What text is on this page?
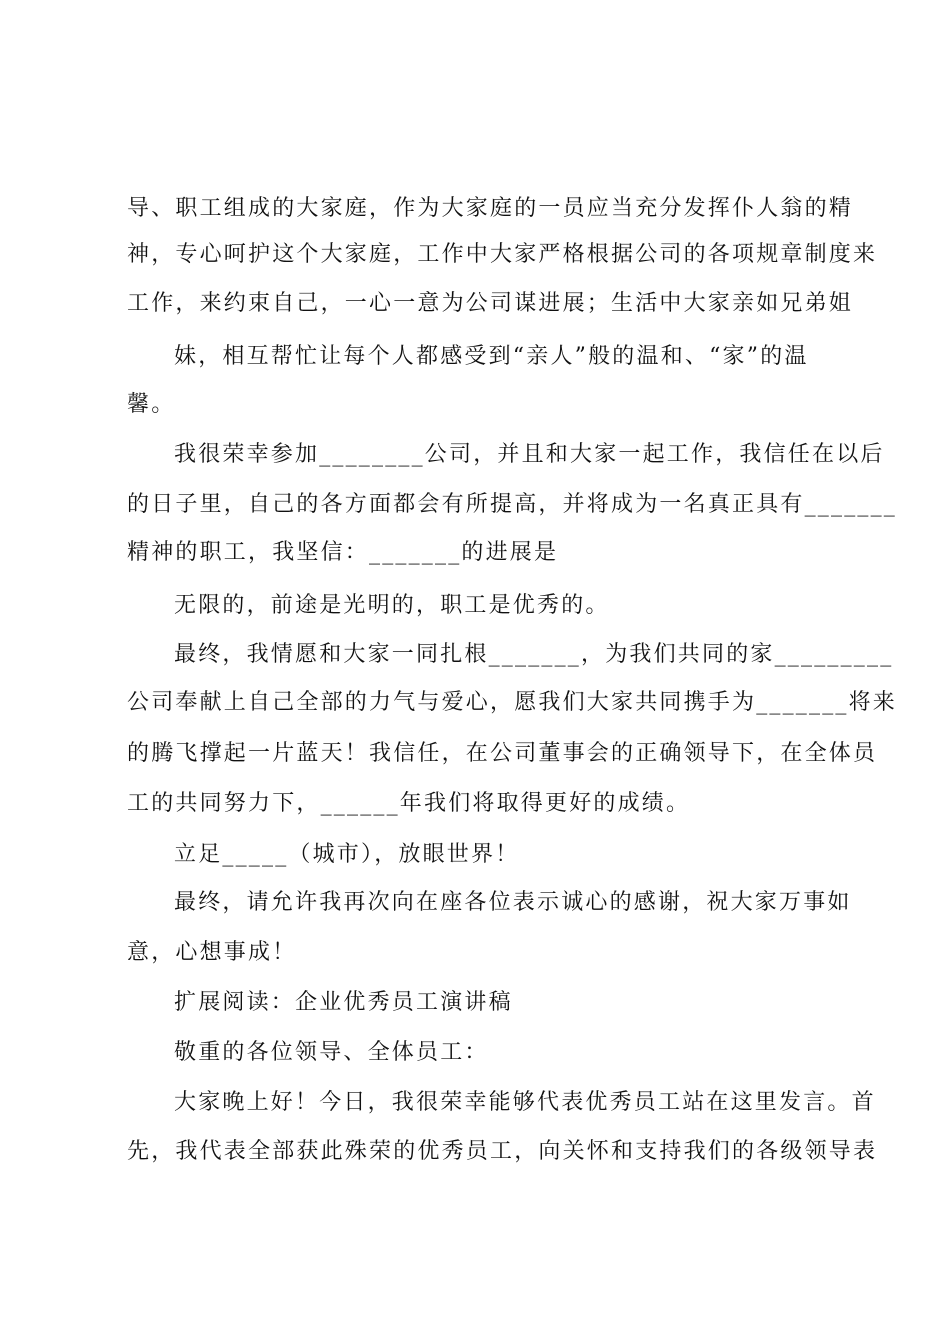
导、职工组成的大家庭，作为大家庭的一员应当充分发挥仆人翁的精
神，专心呵护这个大家庭，工作中大家严格根据公司的各项规章制度来
工作，来约束自己，一心一意为公司谋进展；生活中大家亲如兄弟姐
妹，相互帮忙让每个人都感受到“亲人”般的温和、“家”的温
馨。
我很荣幸参加________公司，并且和大家一起工作，我信任在以后
的日子里，自己的各方面都会有所提高，并将成为一名真正具有_______
精神的职工，我坚信：_______的进展是
无限的，前途是光明的，职工是优秀的。
最终，我情愿和大家一同扎根_______，为我们共同的家_________
公司奉献上自己全部的力气与爱心，愿我们大家共同携手为_______将来
的腾飞撑起一片蓝天！我信任，在公司董事会的正确领导下，在全体员
工的共同努力下，______年我们将取得更好的成绩。
立足_____（城市），放眼世界！
最终，请允许我再次向在座各位表示诚心的感谢，祝大家万事如
意，心想事成！
扩展阅读：企业优秀员工演讲稿
敬重的各位领导、全体员工：
大家晚上好！今日，我很荣幸能够代表优秀员工站在这里发言。首
先，我代表全部获此殊荣的优秀员工，向关怀和支持我们的各级领导表
